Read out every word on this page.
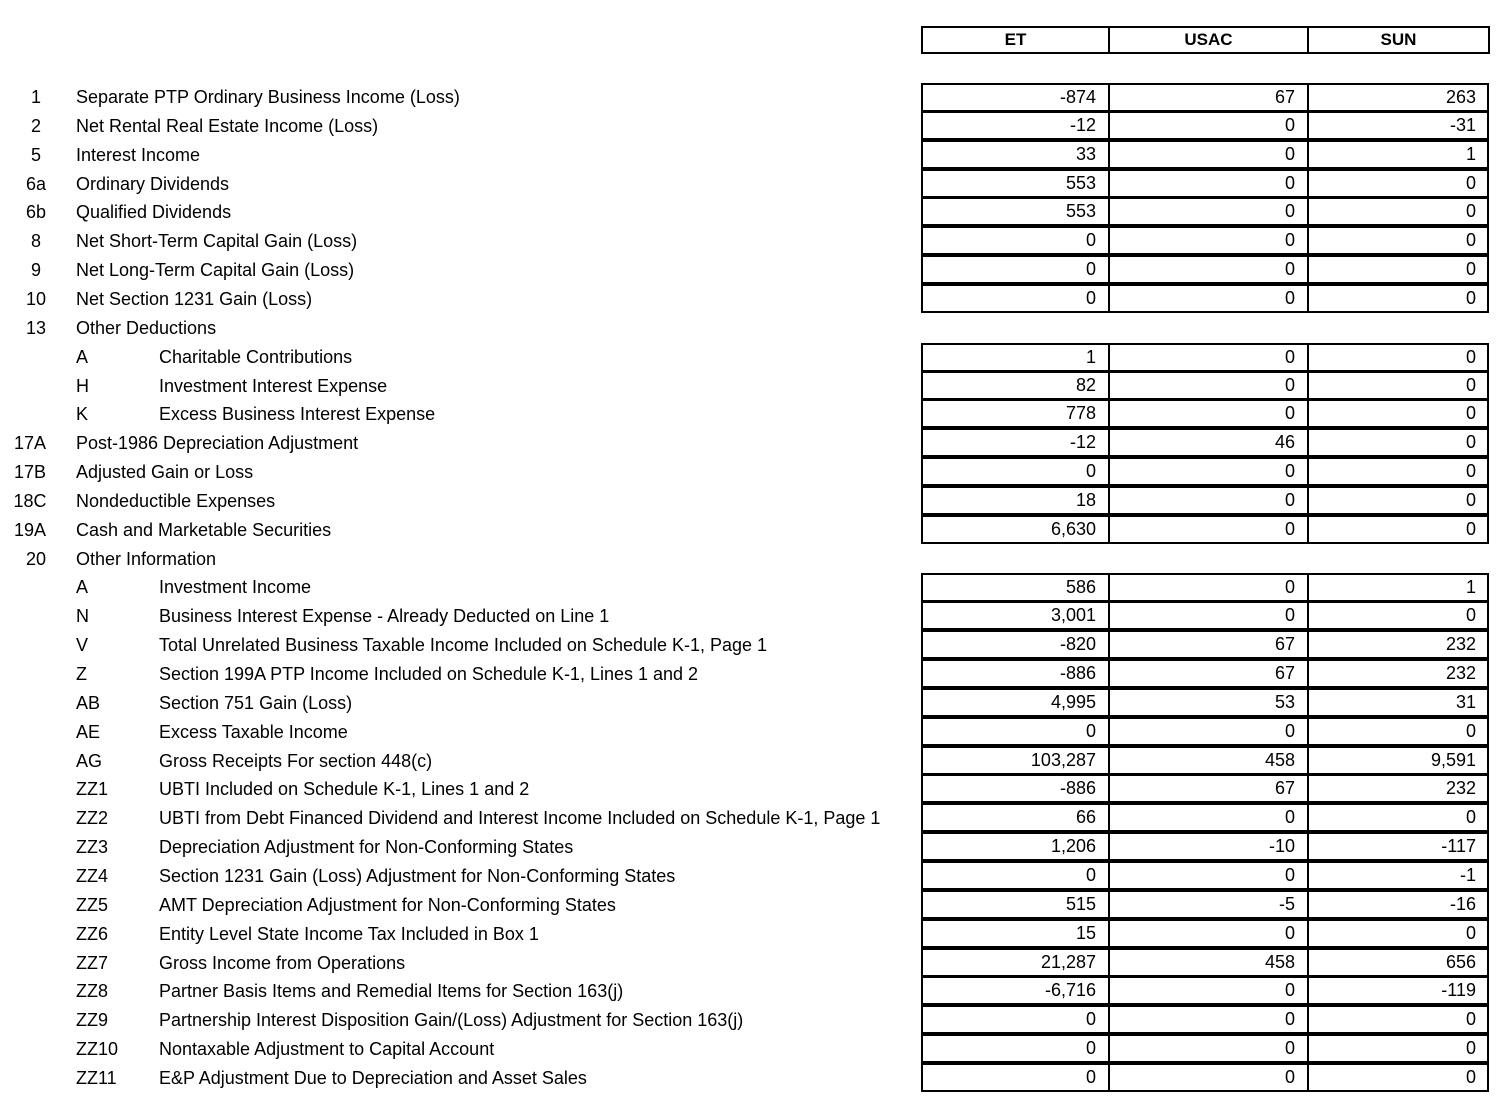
ET	USAC	SUN
1	Separate PTP Ordinary Business Income (Loss)	-874	67	263
2	Net Rental Real Estate Income (Loss)	-12	0	-31
5	Interest Income	33	0	1
6a	Ordinary Dividends	553	0	0
6b	Qualified Dividends	553	0	0
8	Net Short-Term Capital Gain (Loss)	0	0	0
9	Net Long-Term Capital Gain (Loss)	0	0	0
10	Net Section 1231 Gain (Loss)	0	0	0
13	Other Deductions
A	Charitable Contributions	1	0	0
H	Investment Interest Expense	82	0	0
K	Excess Business Interest Expense	778	0	0
17A Post-1986 Depreciation Adjustment	-12	46	0
17B Adjusted Gain or Loss	0	0	0
18C Nondeductible Expenses	18	0	0
19A Cash and Marketable Securities	6,630	0	0
20	Other Information
A	Investment Income	586	0	1
N	Business Interest Expense - Already Deducted on Line 1	3,001	0	0
V	Total Unrelated Business Taxable Income Included on Schedule K-1, Page 1	-820	67	232
Z	Section 199A PTP Income Included on Schedule K-1, Lines 1 and 2	-886	67	232
AB	Section 751 Gain (Loss)	4,995	53	31
AE	Excess Taxable Income	0	0	0
AG	Gross Receipts For section 448(c)	103,287	458	9,591
ZZ1	UBTI Included on Schedule K-1, Lines 1 and 2	-886	67	232
ZZ2	UBTI from Debt Financed Dividend and Interest Income Included on Schedule K-1, Page 1	66	0	0
ZZ3	Depreciation Adjustment for Non-Conforming States	1,206	-10	-117
ZZ4	Section 1231 Gain (Loss) Adjustment for Non-Conforming States	0	0	-1
ZZ5	AMT Depreciation Adjustment for Non-Conforming States	515	-5	-16
ZZ6	Entity Level State Income Tax Included in Box 1	15	0	0
ZZ7	Gross Income from Operations	21,287	458	656
ZZ8	Partner Basis Items and Remedial Items for Section 163(j)	-6,716	0	-119
ZZ9	Partnership Interest Disposition Gain/(Loss) Adjustment for Section 163(j)	0	0	0
ZZ10 Nontaxable Adjustment to Capital Account	0	0	0
ZZ11 E&P Adjustment Due to Depreciation and Asset Sales	0	0	0
